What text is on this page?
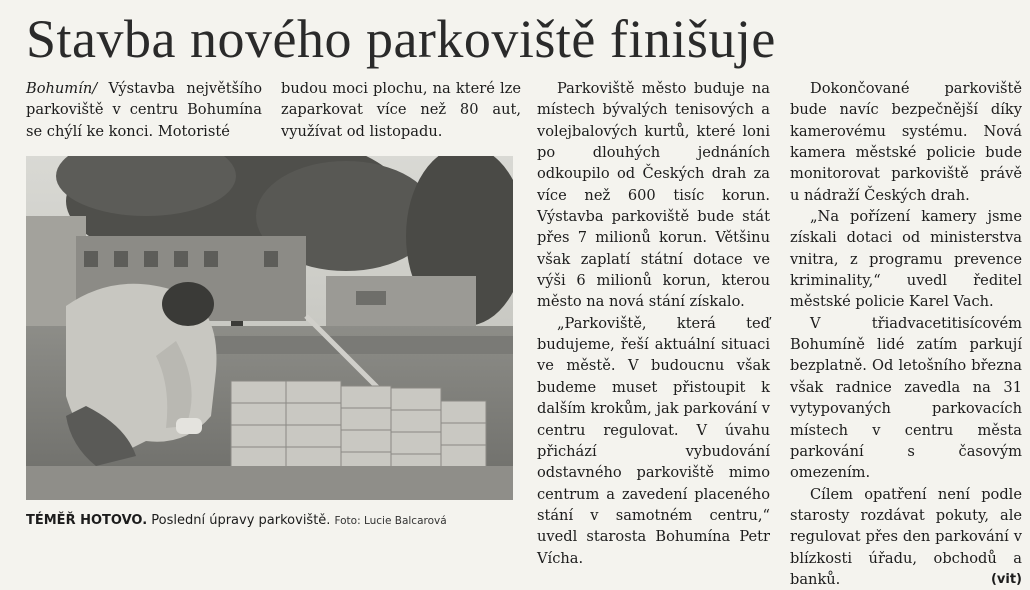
Stavba nového parkoviště finišuje

Bohumín/ Výstavba největšího parkoviště v centru Bohumína se chýlí ke konci. Motoristé

budou moci plochu, na které lze zaparkovat více než 80 aut, využívat od listopadu.

TÉMĚŘ HOTOVO. Poslední úpravy parkoviště. Foto: Lucie Balcarová

Parkoviště město buduje na místech bývalých tenisových a volejbalových kurtů, které loni po dlouhých jednáních odkoupilo od Českých drah za více než 600 tisíc korun. Výstavba parkoviště bude stát přes 7 milionů korun. Většinu však zaplatí státní dotace ve výši 6 milionů korun, kterou město na nová stání získalo.

„Parkoviště, která teď budujeme, řeší aktuální situaci ve městě. V budoucnu však budeme muset přistoupit k dalším krokům, jak parkování v centru regulovat. V úvahu přichází vybudování odstavného parkoviště mimo centrum a zavedení placeného stání v samotném centru,“ uvedl starosta Bohumína Petr Vícha.

Dokončované parkoviště bude navíc bezpečnější díky kamerovému systému. Nová kamera městské policie bude monitorovat parkoviště právě u nádraží Českých drah.

„Na pořízení kamery jsme získali dotaci od ministerstva vnitra, z programu prevence kriminality,“ uvedl ředitel městské policie Karel Vach.

V třiadvacetitisícovém Bohumíně lidé zatím parkují bezplatně. Od letošního března však radnice zavedla na 31 vytypovaných parkovacích místech v centru města parkování s časovým omezením.

Cílem opatření není podle starosty rozdávat pokuty, ale regulovat přes den parkování v blízkosti úřadu, obchodů a banků.	(vit)
